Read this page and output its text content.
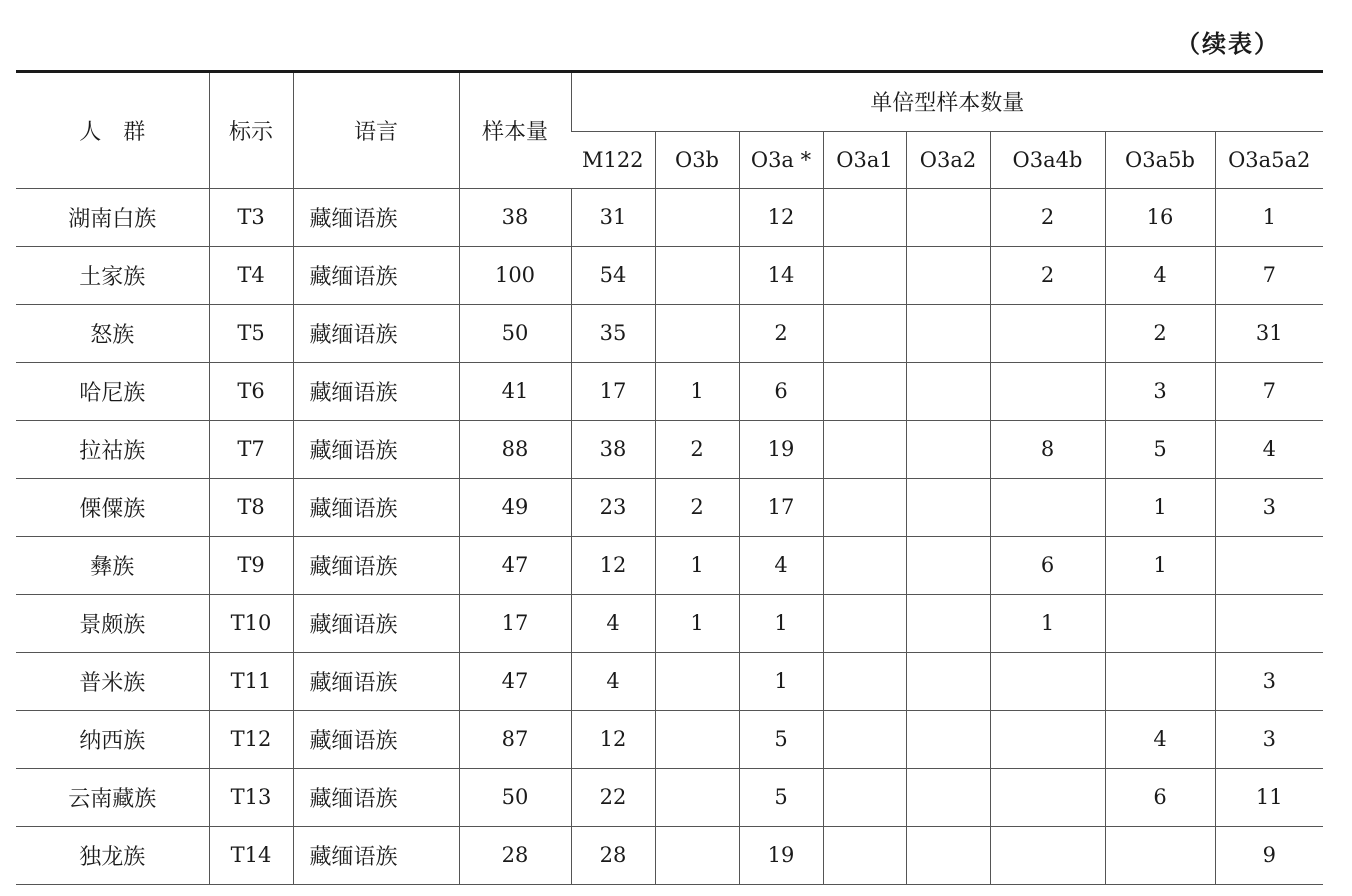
（续表）
人　群	标示	语言	样本量	单倍型样本数量							
				M122	O3b	O3a *	O3a1	O3a2	O3a4b	O3a5b	O3a5a2
湖南白族	T3	藏缅语族	38	31		12			2	16	1
土家族	T4	藏缅语族	100	54		14			2	4	7
怒族	T5	藏缅语族	50	35		2				2	31
哈尼族	T6	藏缅语族	41	17	1	6				3	7
拉祜族	T7	藏缅语族	88	38	2	19			8	5	4
傈僳族	T8	藏缅语族	49	23	2	17				1	3
彝族	T9	藏缅语族	47	12	1	4			6	1	
景颇族	T10	藏缅语族	17	4	1	1			1		
普米族	T11	藏缅语族	47	4		1					3
纳西族	T12	藏缅语族	87	12		5				4	3
云南藏族	T13	藏缅语族	50	22		5				6	11
独龙族	T14	藏缅语族	28	28		19					9
